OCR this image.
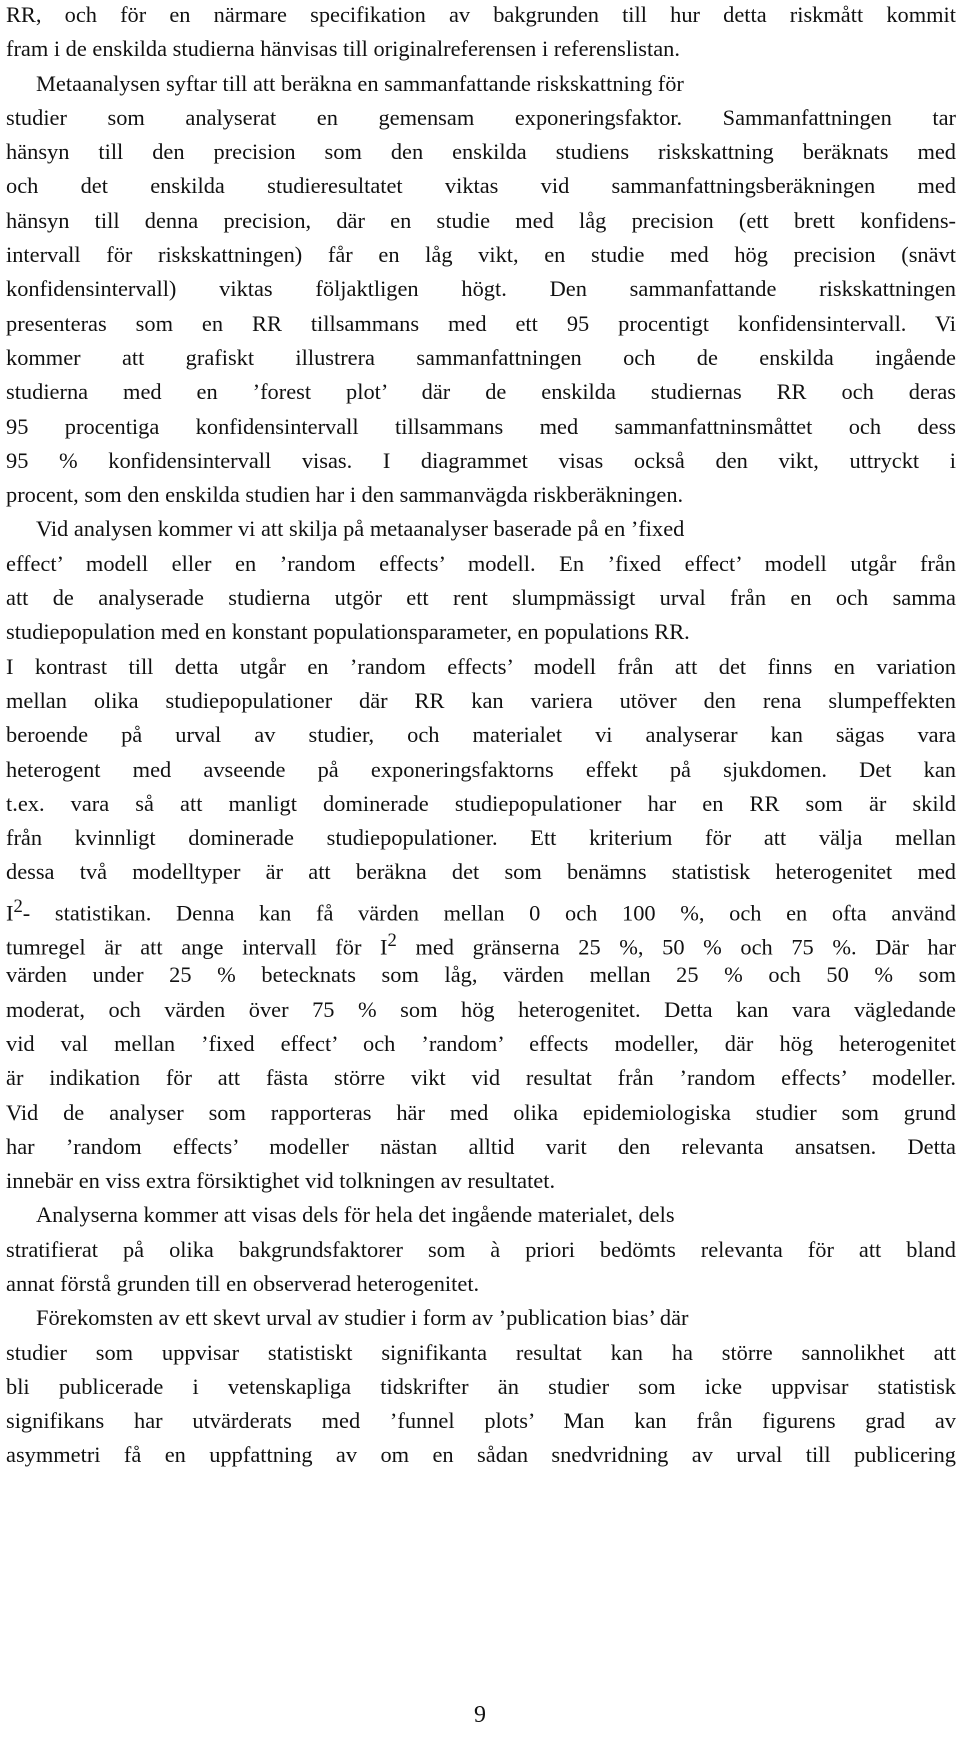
RR, och för en närmare specifikation av bakgrunden till hur detta riskmått kommit
fram i de enskilda studierna hänvisas till originalreferensen i referenslistan.
Metaanalysen syftar till att beräkna en sammanfattande riskskattning för
studier som analyserat en gemensam exponeringsfaktor. Sammanfattningen tar
hänsyn till den precision som den enskilda studiens riskskattning beräknats med
och det enskilda studieresultatet viktas vid sammanfattningsberäkningen med
hänsyn till denna precision, där en studie med låg precision (ett brett konfidens-
intervall för riskskattningen) får en låg vikt, en studie med hög precision (snävt
konfidensintervall) viktas följaktligen högt. Den sammanfattande riskskattningen
presenteras som en RR tillsammans med ett 95 procentigt konfidensintervall. Vi
kommer att grafiskt illustrera sammanfattningen och de enskilda ingående
studierna med en ’forest plot’ där de enskilda studiernas RR och deras
95 procentiga konfidensintervall tillsammans med sammanfattninsmåttet och dess
95 % konfidensintervall visas. I diagrammet visas också den vikt, uttryckt i
procent, som den enskilda studien har i den sammanvägda riskberäkningen.
Vid analysen kommer vi att skilja på metaanalyser baserade på en ’fixed
effect’ modell eller en ’random effects’ modell. En ’fixed effect’ modell utgår från
att de analyserade studierna utgör ett rent slumpmässigt urval från en och samma
studiepopulation med en konstant populationsparameter, en populations RR.
I kontrast till detta utgår en ’random effects’ modell från att det finns en variation
mellan olika studiepopulationer där RR kan variera utöver den rena slumpeffekten
beroende på urval av studier, och materialet vi analyserar kan sägas vara
heterogent med avseende på exponeringsfaktorns effekt på sjukdomen. Det kan
t.ex. vara så att manligt dominerade studiepopulationer har en RR som är skild
från kvinnligt dominerade studiepopulationer. Ett kriterium för att välja mellan
dessa två modelltyper är att beräkna det som benämns statistisk heterogenitet med
$I^2-$ statistikan. Denna kan få värden mellan 0 och 100 %, och en ofta använd
tumregel är att ange intervall för $I^2$ med gränserna 25 %, 50 % och 75 %. Där har
värden under 25 % betecknats som låg, värden mellan 25 % och 50 % som
moderat, och värden över 75 % som hög heterogenitet. Detta kan vara vägledande
vid val mellan ’fixed effect’ och ’random’ effects modeller, där hög heterogenitet
är indikation för att fästa större vikt vid resultat från ’random effects’ modeller.
Vid de analyser som rapporteras här med olika epidemiologiska studier som grund
har ’random effects’ modeller nästan alltid varit den relevanta ansatsen. Detta
innebär en viss extra försiktighet vid tolkningen av resultatet.
Analyserna kommer att visas dels för hela det ingående materialet, dels
stratifierat på olika bakgrundsfaktorer som à priori bedömts relevanta för att bland
annat förstå grunden till en observerad heterogenitet.
Förekomsten av ett skevt urval av studier i form av ’publication bias’ där
studier som uppvisar statistiskt signifikanta resultat kan ha större sannolikhet att
bli publicerade i vetenskapliga tidskrifter än studier som icke uppvisar statistisk
signifikans har utvärderats med ’funnel plots’ Man kan från figurens grad av
asymmetri få en uppfattning av om en sådan snedvridning av urval till publicering
9
